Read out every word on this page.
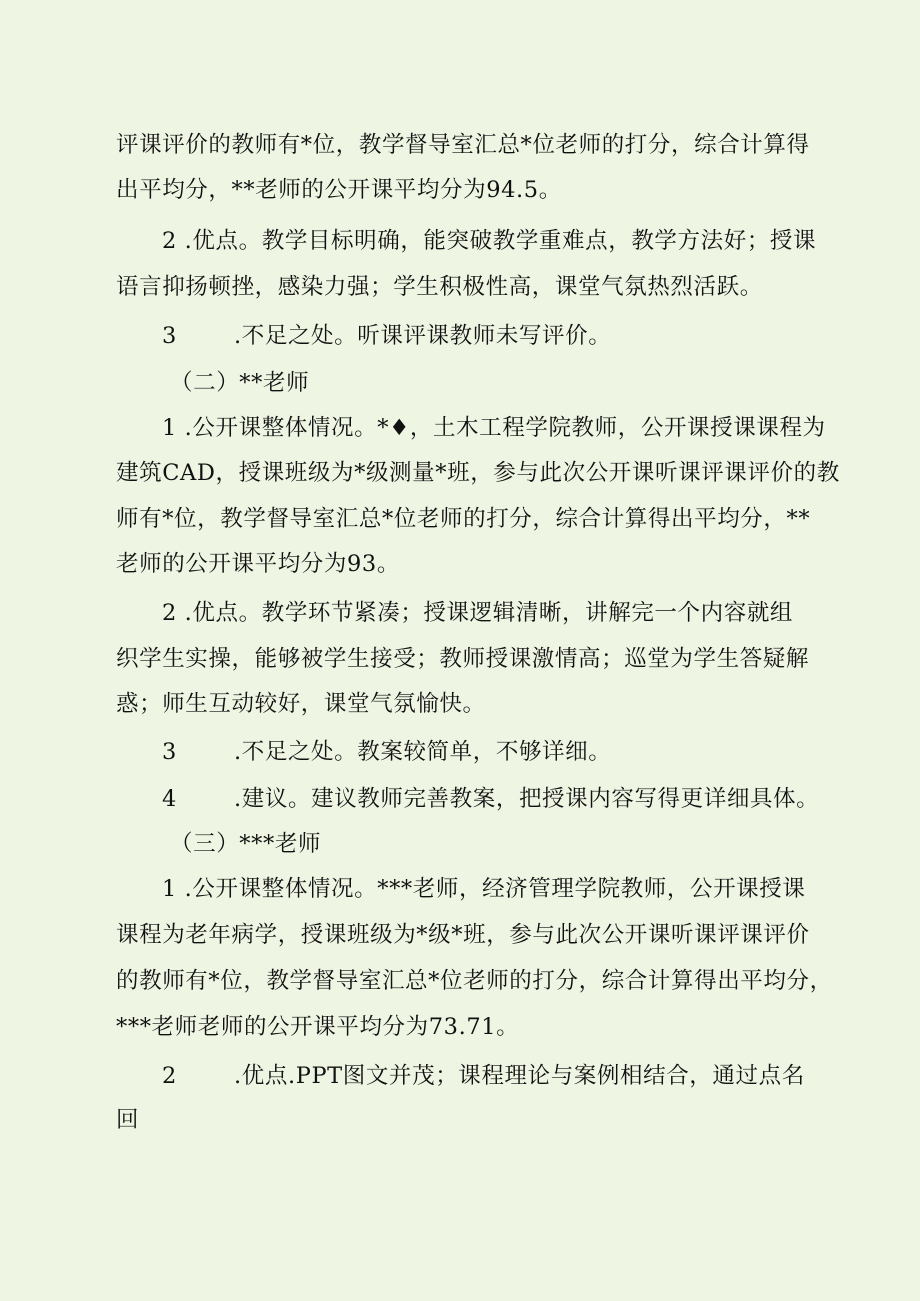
评课评价的教师有*位，教学督导室汇总*位老师的打分，综合计算得
出平均分，**老师的公开课平均分为94.5。
2 .优点。教学目标明确，能突破教学重难点，教学方法好；授课
语言抑扬顿挫，感染力强；学生积极性高，课堂气氛热烈活跃。
3	.不足之处。听课评课教师未写评价。
（二）**老师
1 .公开课整体情况。*♦，土木工程学院教师，公开课授课课程为
建筑CAD，授课班级为*级测量*班，参与此次公开课听课评课评价的教
师有*位，教学督导室汇总*位老师的打分，综合计算得出平均分，**
老师的公开课平均分为93。
2 .优点。教学环节紧凑；授课逻辑清晰，讲解完一个内容就组
织学生实操，能够被学生接受；教师授课激情高；巡堂为学生答疑解
惑；师生互动较好，课堂气氛愉快。
3	.不足之处。教案较简单，不够详细。
4	.建议。建议教师完善教案，把授课内容写得更详细具体。
（三）***老师
1 .公开课整体情况。***老师，经济管理学院教师，公开课授课
课程为老年病学，授课班级为*级*班，参与此次公开课听课评课评价
的教师有*位，教学督导室汇总*位老师的打分，综合计算得出平均分，
***老师老师的公开课平均分为73.71。
2	.优点.PPT图文并茂；课程理论与案例相结合，通过点名
回
